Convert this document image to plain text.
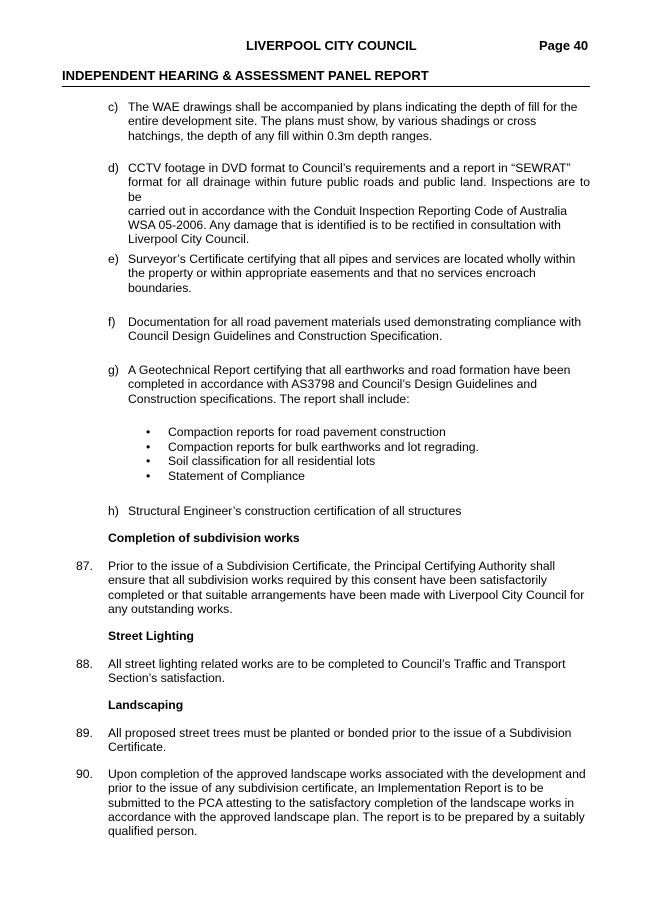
LIVERPOOL CITY COUNCIL	Page 40
INDEPENDENT HEARING & ASSESSMENT PANEL REPORT
c) The WAE drawings shall be accompanied by plans indicating the depth of fill for the
entire development site. The plans must show, by various shadings or cross
hatchings, the depth of any fill within 0.3m depth ranges.
d) CCTV footage in DVD format to Council’s requirements and a report in “SEWRAT”
format for all drainage within future public roads and public land. Inspections are to be
carried out in accordance with the Conduit Inspection Reporting Code of Australia
WSA 05-2006. Any damage that is identified is to be rectified in consultation with
Liverpool City Council.
e) Surveyor’s Certificate certifying that all pipes and services are located wholly within
the property or within appropriate easements and that no services encroach
boundaries.
f) Documentation for all road pavement materials used demonstrating compliance with
Council Design Guidelines and Construction Specification.
g) A Geotechnical Report certifying that all earthworks and road formation have been
completed in accordance with AS3798 and Council’s Design Guidelines and
Construction specifications. The report shall include:
• Compaction reports for road pavement construction
• Compaction reports for bulk earthworks and lot regrading.
• Soil classification for all residential lots
• Statement of Compliance
h) Structural Engineer’s construction certification of all structures
Completion of subdivision works
87. Prior to the issue of a Subdivision Certificate, the Principal Certifying Authority shall
ensure that all subdivision works required by this consent have been satisfactorily
completed or that suitable arrangements have been made with Liverpool City Council for
any outstanding works.
Street Lighting
88. All street lighting related works are to be completed to Council’s Traffic and Transport
Section’s satisfaction.
Landscaping
89. All proposed street trees must be planted or bonded prior to the issue of a Subdivision
Certificate.
90. Upon completion of the approved landscape works associated with the development and
prior to the issue of any subdivision certificate, an Implementation Report is to be
submitted to the PCA attesting to the satisfactory completion of the landscape works in
accordance with the approved landscape plan. The report is to be prepared by a suitably
qualified person.
